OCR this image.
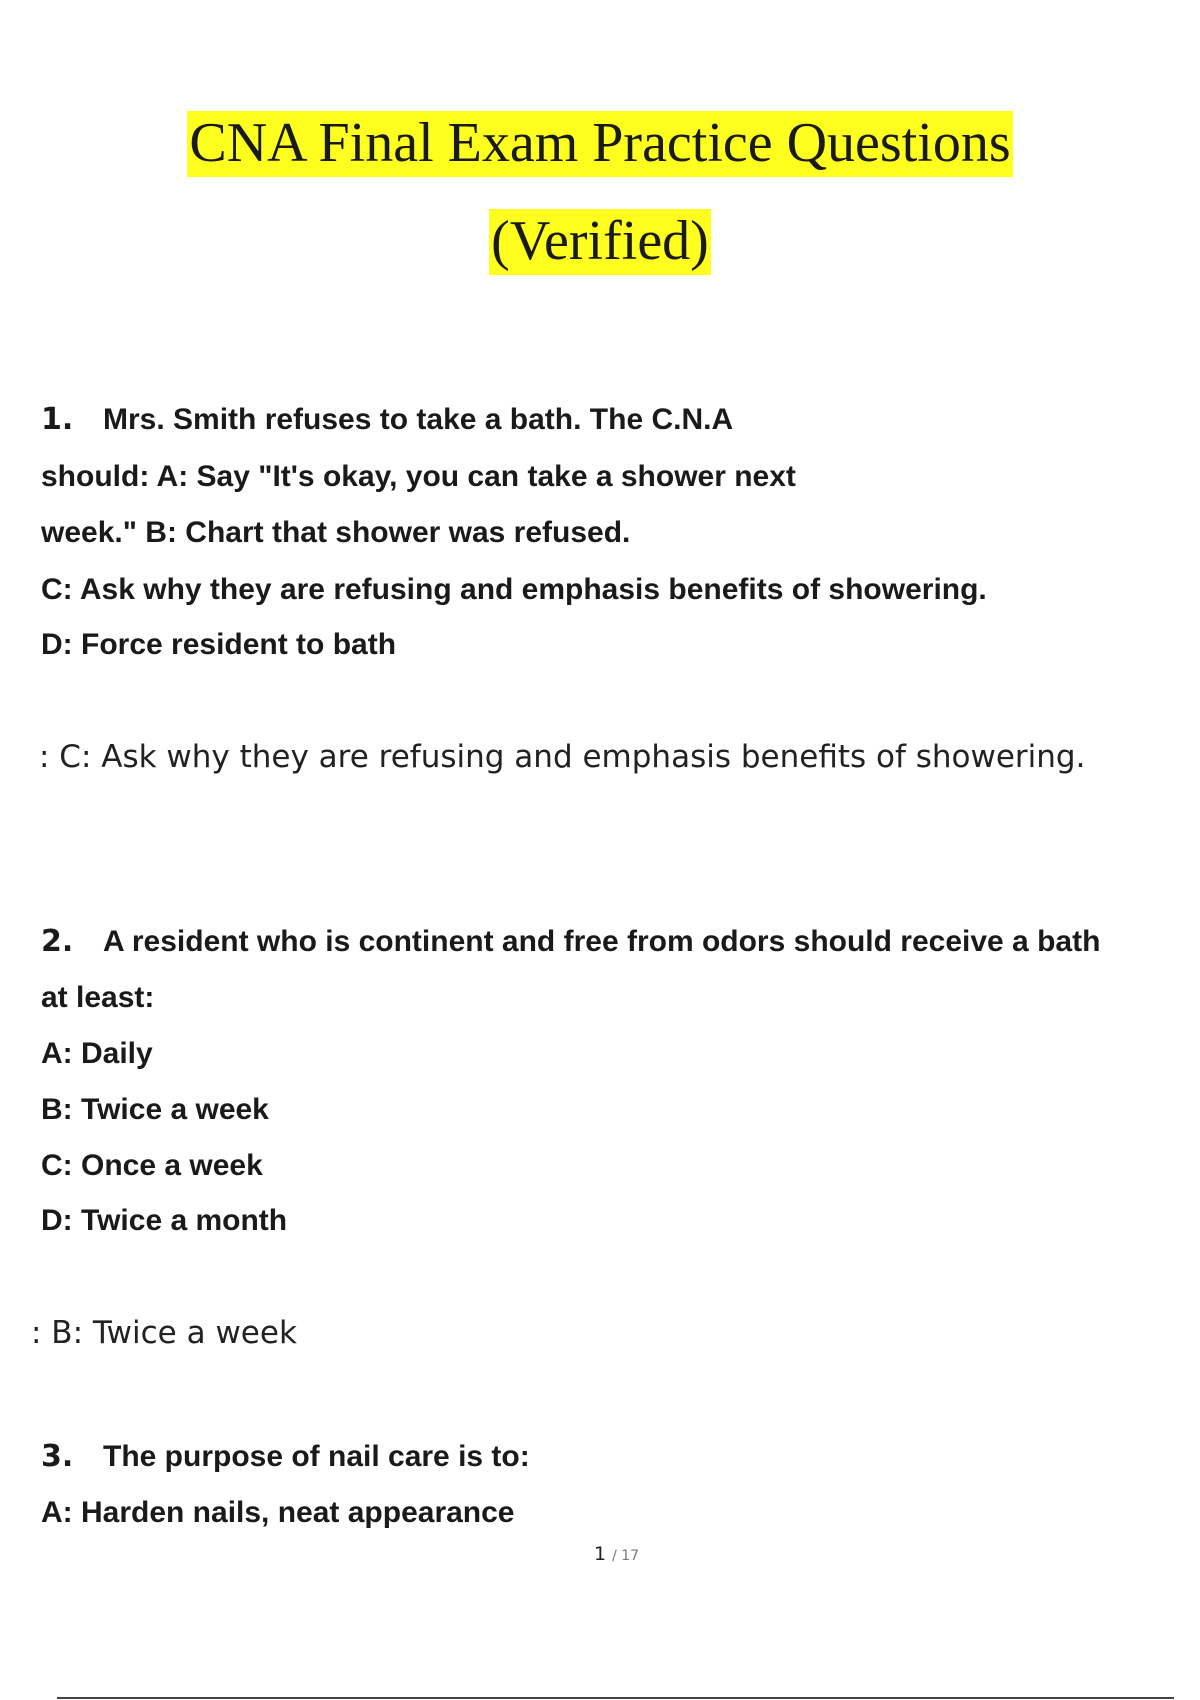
CNA Final Exam Practice Questions
(Verified)
1. Mrs. Smith refuses to take a bath. The C.N.A
should: A: Say "It's okay, you can take a shower next
week." B: Chart that shower was refused.
C: Ask why they are refusing and emphasis benefits of showering.
D: Force resident to bath
: C: Ask why they are refusing and emphasis benefits of showering.
2. A resident who is continent and free from odors should receive a bath
at least:
A: Daily
B: Twice a week
C: Once a week
D: Twice a month
: B: Twice a week
3. The purpose of nail care is to:
A: Harden nails, neat appearance
1 / 17
